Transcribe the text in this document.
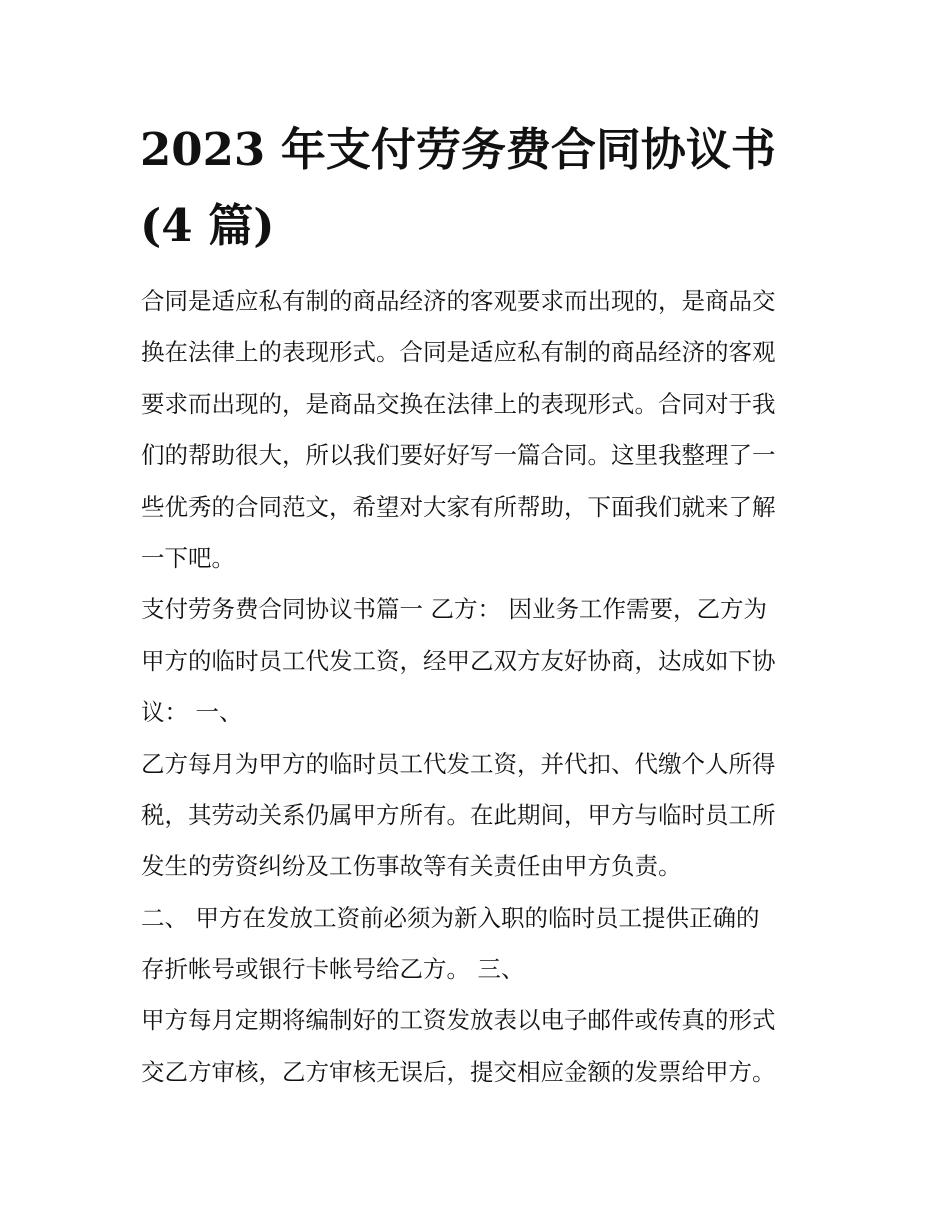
2023 年支付劳务费合同协议书
(4 篇)
合同是适应私有制的商品经济的客观要求而出现的，是商品交
换在法律上的表现形式。合同是适应私有制的商品经济的客观
要求而出现的，是商品交换在法律上的表现形式。合同对于我
们的帮助很大，所以我们要好好写一篇合同。这里我整理了一
些优秀的合同范文，希望对大家有所帮助，下面我们就来了解
一下吧。
支付劳务费合同协议书篇一 乙方： 因业务工作需要，乙方为
甲方的临时员工代发工资，经甲乙双方友好协商，达成如下协
议： 一、
乙方每月为甲方的临时员工代发工资，并代扣、代缴个人所得
税，其劳动关系仍属甲方所有。在此期间，甲方与临时员工所
发生的劳资纠纷及工伤事故等有关责任由甲方负责。
二、 甲方在发放工资前必须为新入职的临时员工提供正确的
存折帐号或银行卡帐号给乙方。 三、
甲方每月定期将编制好的工资发放表以电子邮件或传真的形式
交乙方审核，乙方审核无误后，提交相应金额的发票给甲方。
